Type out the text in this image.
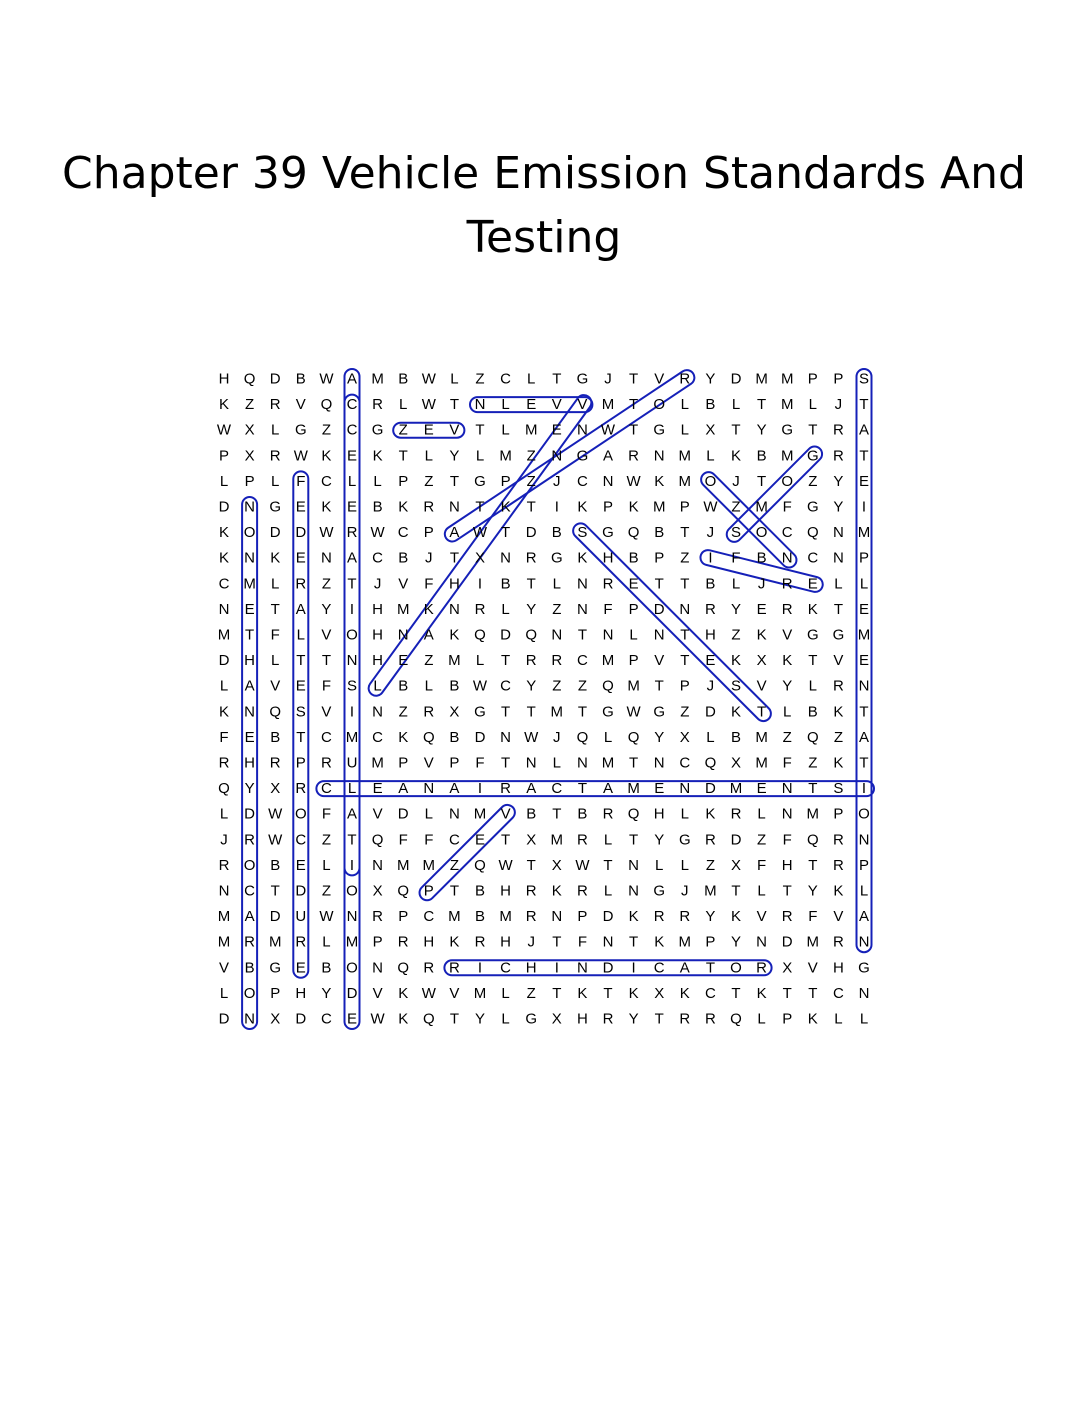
Chapter 39 Vehicle Emission Standards And
Testing
H Q D B W A M B W L Z C L T G J T V R Y D M M P P S
K Z R V Q C R L W T N L E V V M T O L B L T M L J T
W X L G Z C G Z E V T L M E N W T G L X T Y G T R A
P X R W K E K T L Y L M Z N G A R N M L K B M G R T
L P L F C L L P Z T G P Z J C N W K M O J T O Z Y E
D N G E K E B K R N T K T I K P K M P W Z M F G Y I
K O D D W R W C P A W T D B S G Q B T J S O C Q N M
K N K E N A C B J T X N R G K H B P Z I F B N C N P
C M L R Z T J V F H I B T L N R E T T B L J R E L L
N E T A Y I H M K N R L Y Z N F P D N R Y E R K T E
M T F L V O H N A K Q D Q N T N L N T H Z K V G G M
D H L T T N H E Z M L T R R C M P V T E K X K T V E
L A V E F S L B L B W C Y Z Z Q M T P J S V Y L R N
K N Q S V I N Z R X G T T M T G W G Z D K T L B K T
F E B T C M C K Q B D N W J Q L Q Y X L B M Z Q Z A
R H R P R U M P V P F T N L N M T N C Q X M F Z K T
Q Y X R C L E A N A I R A C T A M E N D M E N T S I
L D W O F A V D L N M V B T B R Q H L K R L N M P O
J R W C Z T Q F F C E T X M R L T Y G R D Z F Q R N
R O B E L I N M M Z Q W T X W T N L L Z X F H T R P
N C T D Z O X Q P T B H R K R L N G J M T L T Y K L
M A D U W N R P C M B M R N P D K R R Y K V R F V A
M R M R L M P R H K R H J T F N T K M P Y N D M R N
V B G E B O N Q R R I C H I N D I C A T O R X V H G
L O P H Y D V K W V M L Z T K T K X K C T K T T C N
D N X D C E W K Q T Y L G X H R Y T R R Q L P K L L
